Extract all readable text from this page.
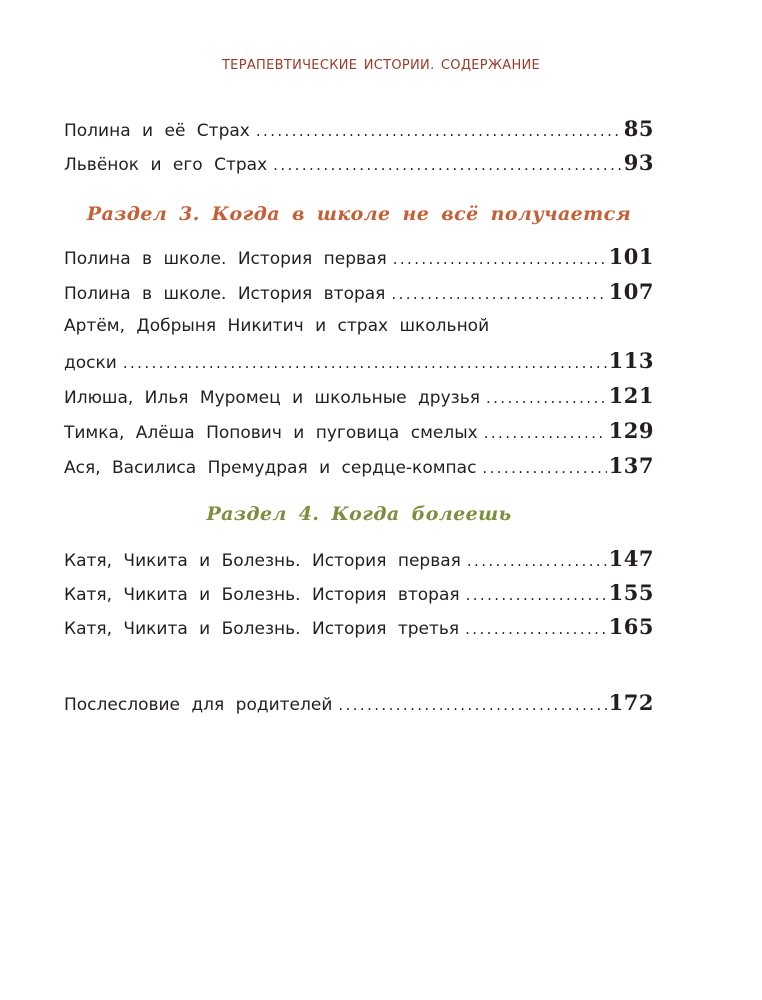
ТЕРАПЕВТИЧЕСКИЕ ИСТОРИИ. СОДЕРЖАНИЕ
Полина и её Страх .....	85
Львёнок и его Страх .....	93
Раздел 3. Когда в школе не всё получается
Полина в школе. История первая .....	101
Полина в школе. История вторая .....	107
Артём, Добрыня Никитич и страх школьной
доски .....	113
Илюша, Илья Муромец и школьные друзья .....	121
Тимка, Алёша Попович и пуговица смелых .....	129
Ася, Василиса Премудрая и сердце-компас .....	137
Раздел 4. Когда болеешь
Катя, Чикита и Болезнь. История первая .....	147
Катя, Чикита и Болезнь. История вторая .....	155
Катя, Чикита и Болезнь. История третья .....	165
Послесловие для родителей .....	172
